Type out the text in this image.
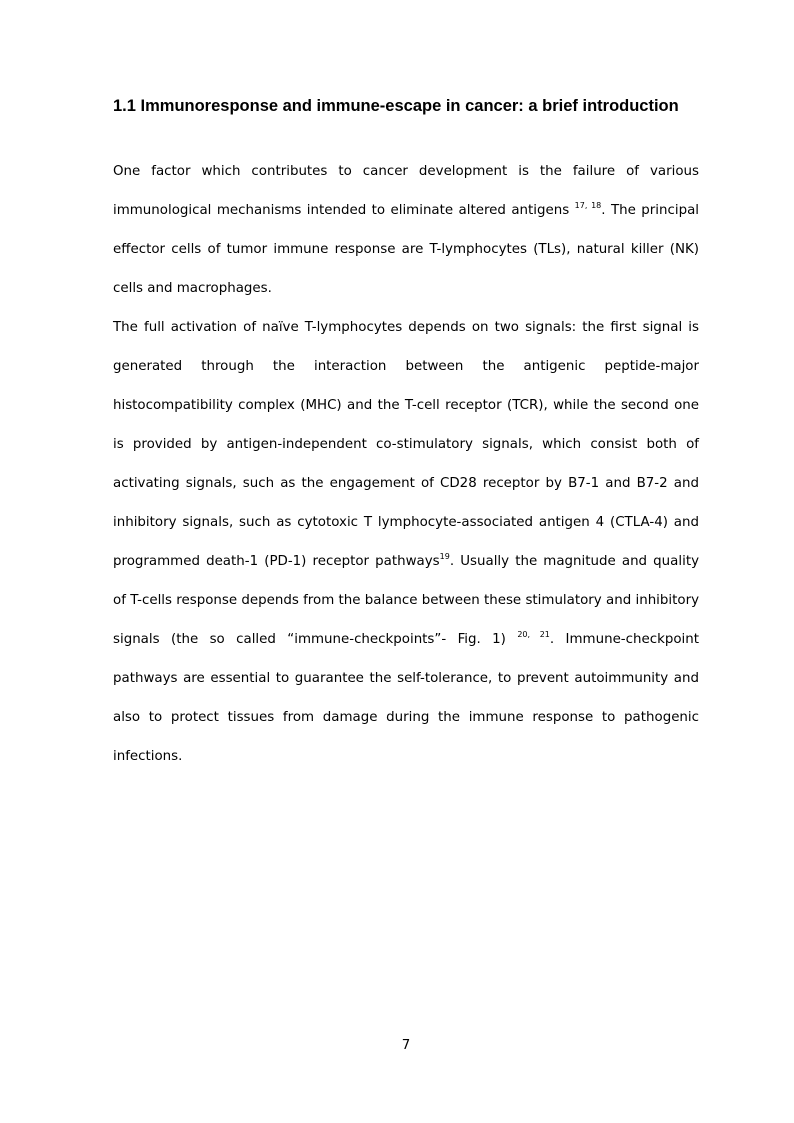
1.1 Immunoresponse and immune-escape in cancer: a brief introduction

One factor which contributes to cancer development is the failure of various immunological mechanisms intended to eliminate altered antigens $^{17, 18}$. The principal effector cells of tumor immune response are T-lymphocytes (TLs), natural killer (NK) cells and macrophages.

The full activation of naïve T-lymphocytes depends on two signals: the first signal is generated through the interaction between the antigenic peptide-major histocompatibility complex (MHC) and the T-cell receptor (TCR), while the second one is provided by antigen-independent co-stimulatory signals, which consist both of activating signals, such as the engagement of CD28 receptor by B7-1 and B7-2 and inhibitory signals, such as cytotoxic T lymphocyte-associated antigen 4 (CTLA-4) and programmed death-1 (PD-1) receptor pathways$^{19}$. Usually the magnitude and quality of T-cells response depends from the balance between these stimulatory and inhibitory signals (the so called “immune-checkpoints”- Fig. 1) $^{20, 21}$. Immune-checkpoint pathways are essential to guarantee the self-tolerance, to prevent autoimmunity and also to protect tissues from damage during the immune response to pathogenic infections.

7
